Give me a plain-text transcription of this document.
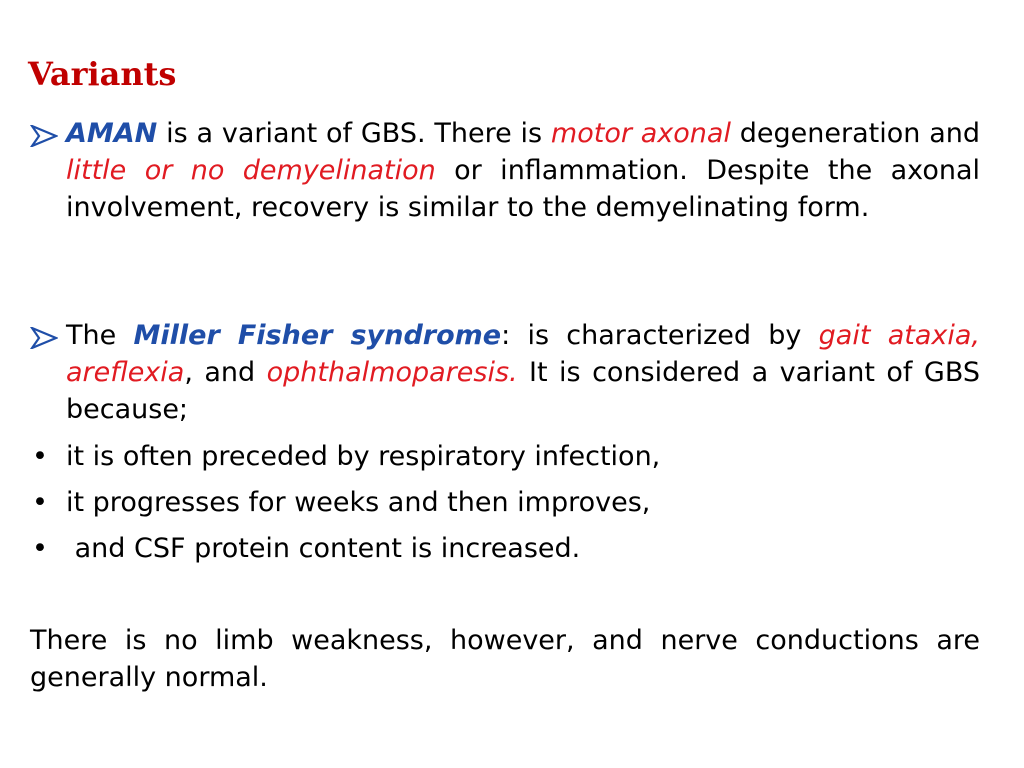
Variants
AMAN is a variant of GBS. There is motor axonal degeneration and little or no demyelination or inflammation. Despite the axonal involvement, recovery is similar to the demyelinating form.
The Miller Fisher syndrome: is characterized by gait ataxia, areflexia, and ophthalmoparesis. It is considered a variant of GBS because;
• it is often preceded by respiratory infection,
• it progresses for weeks and then improves,
• and CSF protein content is increased.
There is no limb weakness, however, and nerve conductions are generally normal.
